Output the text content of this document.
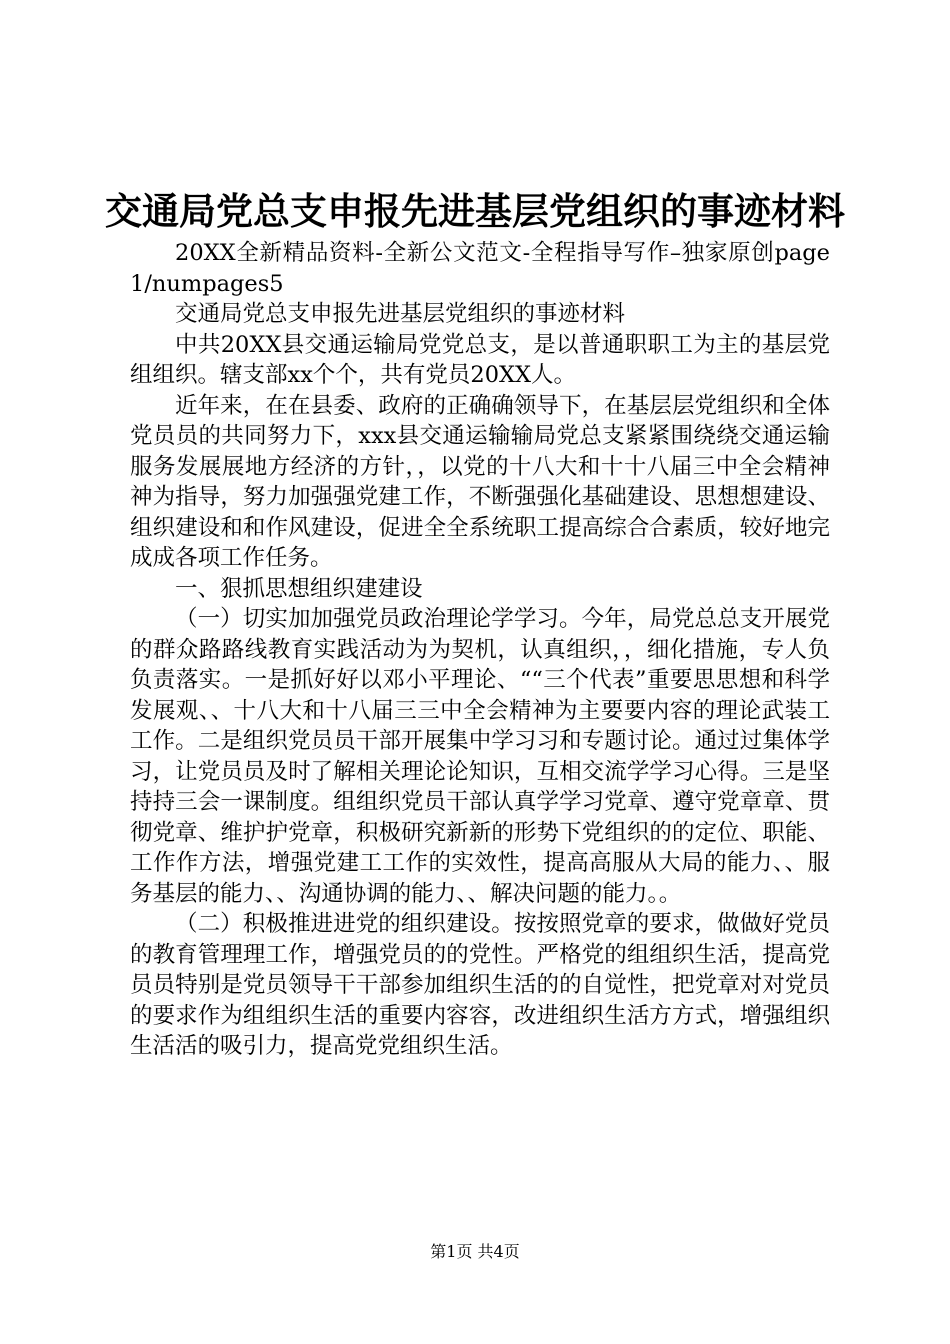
交通局党总支申报先进基层党组织的事迹材料

20XX全新精品资料-全新公文范文-全程指导写作–独家原创page1/numpages5

交通局党总支申报先进基层党组织的事迹材料

中共20XX县交通运输局党党总支，是以普通职职工为主的基层党组组织。辖支部xx个个，共有党员20XX人。

近年来，在在县委、政府的正确确领导下，在基层层党组织和全体党员员的共同努力下，xxx县交通运输输局党总支紧紧围绕绕交通运输服务发展展地方经济的方针，，以党的十八大和十十八届三中全会精神神为指导，努力加强强党建工作，不断强强化基础建设、思想想建设、组织建设和和作风建设，促进全全系统职工提高综合合素质，较好地完成成各项工作任务。

一、狠抓思想组织建建设

（一）切实加加强党员政治理论学学习。今年，局党总总支开展党的群众路路线教育实践活动为为契机，认真组织，，细化措施，专人负负责落实。一是抓好好以邓小平理论、““三个代表”重要思思想和科学发展观、、十八大和十八届三三中全会精神为主要要内容的理论武装工工作。二是组织党员员干部开展集中学习习和专题讨论。通过过集体学习，让党员员及时了解相关理论论知识，互相交流学学习心得。三是坚持持三会一课制度。组组织党员干部认真学学习党章、遵守党章章、贯彻党章、维护护党章，积极研究新新的形势下党组织的的定位、职能、工作作方法，增强党建工工作的实效性，提高高服从大局的能力、、服务基层的能力、、沟通协调的能力、、解决问题的能力。。

（二）积极推进进党的组织建设。按按照党章的要求，做做好党员的教育管理理工作，增强党员的的党性。严格党的组组织生活，提高党员员特别是党员领导干干部参加组织生活的的自觉性，把党章对对党员的要求作为组组织生活的重要内容容，改进组织生活方方式，增强组织生活活的吸引力，提高党党组织生活。

第1页 共4页
